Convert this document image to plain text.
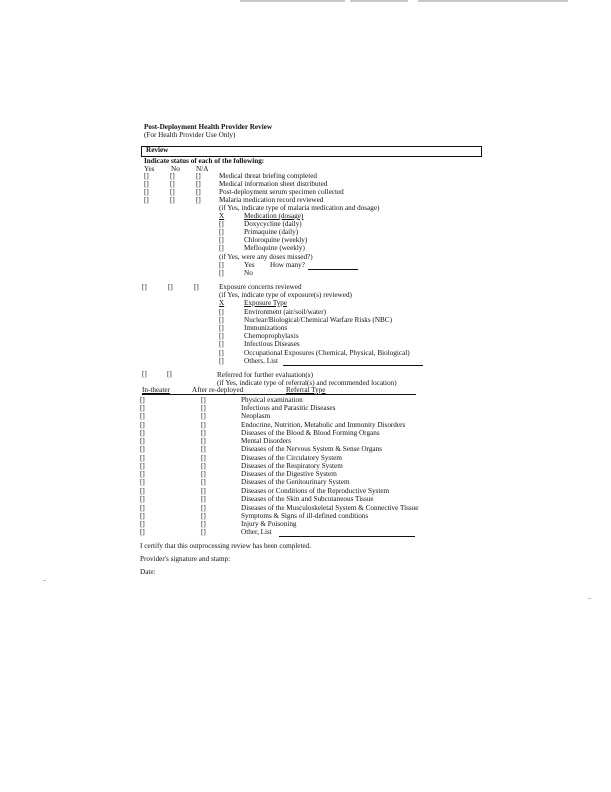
Post-Deployment Health Provider Review
(For Health Provider Use Only)
Review
Indicate status of each of the following:
Yes No N/A
[]	[]	[]	Medical threat briefing completed
[]	[]	[]	Medical information sheet distributed
[]	[]	[]	Post-deployment serum specimen collected
[]	[]	[]	Malaria medication record reviewed
(if Yes, indicate type of malaria medication and dosage)
X	Medication (dosage)
[]	Doxycycline (daily)
[]	Primaquine (daily)
[]	Chloroquine (weekly)
[]	Mefloquine (weekly)
(if Yes, were any doses missed?)
[]	Yes How many?
[]	No
[]	[]	[]	Exposure concerns reviewed
(if Yes, indicate type of exposure(s) reviewed)
X	Exposure Type
[]	Environment (air/soil/water)
[]	Nuclear/Biological/Chemical Warfare Risks (NBC)
[]	Immunizations
[]	Chemoprophylaxis
[]	Infectious Diseases
[]	Occupational Exposures (Chemical, Physical, Biological)
[]	Others, List
[]	[]	Referred for further evaluation(s)
(if Yes, indicate type of referral(s) and recommended location)
In-theater	After re-deployed	Referral Type
[]	[]	Physical examination
[]	[]	Infectious and Parasitic Diseases
[]	[]	Neoplasm
[]	[]	Endocrine, Nutrition, Metabolic and Immunity Disorders
[]	[]	Diseases of the Blood & Blood Forming Organs
[]	[]	Mental Disorders
[]	[]	Diseases of the Nervous System & Sense Organs
[]	[]	Diseases of the Circulatory System
[]	[]	Diseases of the Respiratory System
[]	[]	Diseases of the Digestive System
[]	[]	Diseases of the Genitourinary System
[]	[]	Diseases or Conditions of the Reproductive System
[]	[]	Diseases of the Skin and Subcutaneous Tissue
[]	[]	Diseases of the Musculoskeletal System & Connective Tissue
[]	[]	Symptoms & Signs of ill-defined conditions
[]	[]	Injury & Poisoning
[]	[]	Other, List
I certify that this outprocessing review has been completed.
Provider's signature and stamp:
Date:
